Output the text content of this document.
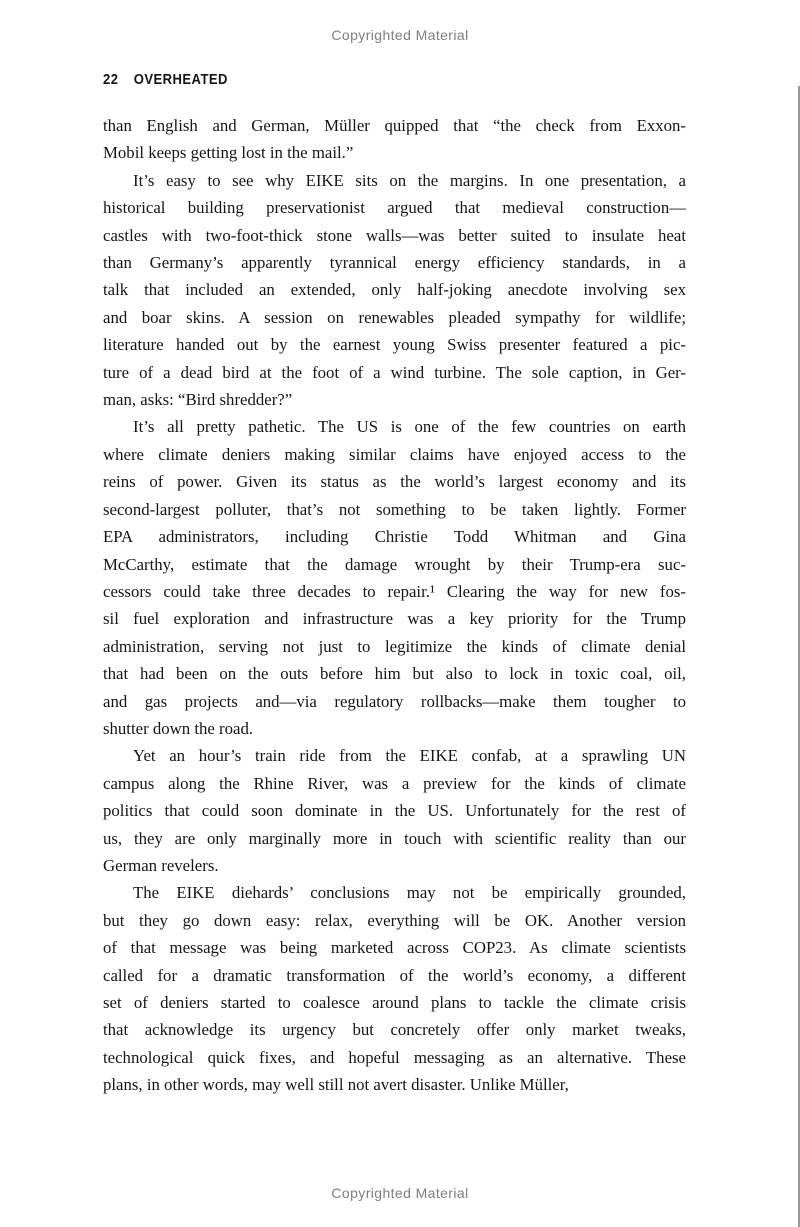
Copyrighted Material
22 OVERHEATED
than English and German, Müller quipped that “the check from Exxon-
Mobil keeps getting lost in the mail.”
It’s easy to see why EIKE sits on the margins. In one presentation, a
historical building preservationist argued that medieval construction—
castles with two-foot-thick stone walls—was better suited to insulate heat
than Germany’s apparently tyrannical energy efficiency standards, in a
talk that included an extended, only half-joking anecdote involving sex
and boar skins. A session on renewables pleaded sympathy for wildlife;
literature handed out by the earnest young Swiss presenter featured a pic-
ture of a dead bird at the foot of a wind turbine. The sole caption, in Ger-
man, asks: “Bird shredder?”
It’s all pretty pathetic. The US is one of the few countries on earth
where climate deniers making similar claims have enjoyed access to the
reins of power. Given its status as the world’s largest economy and its
second-largest polluter, that’s not something to be taken lightly. Former
EPA administrators, including Christie Todd Whitman and Gina
McCarthy, estimate that the damage wrought by their Trump-era suc-
cessors could take three decades to repair.¹ Clearing the way for new fos-
sil fuel exploration and infrastructure was a key priority for the Trump
administration, serving not just to legitimize the kinds of climate denial
that had been on the outs before him but also to lock in toxic coal, oil,
and gas projects and—via regulatory rollbacks—make them tougher to
shutter down the road.
Yet an hour’s train ride from the EIKE confab, at a sprawling UN
campus along the Rhine River, was a preview for the kinds of climate
politics that could soon dominate in the US. Unfortunately for the rest of
us, they are only marginally more in touch with scientific reality than our
German revelers.
The EIKE diehards’ conclusions may not be empirically grounded,
but they go down easy: relax, everything will be OK. Another version
of that message was being marketed across COP23. As climate scientists
called for a dramatic transformation of the world’s economy, a different
set of deniers started to coalesce around plans to tackle the climate crisis
that acknowledge its urgency but concretely offer only market tweaks,
technological quick fixes, and hopeful messaging as an alternative. These
plans, in other words, may well still not avert disaster. Unlike Müller,
Copyrighted Material
